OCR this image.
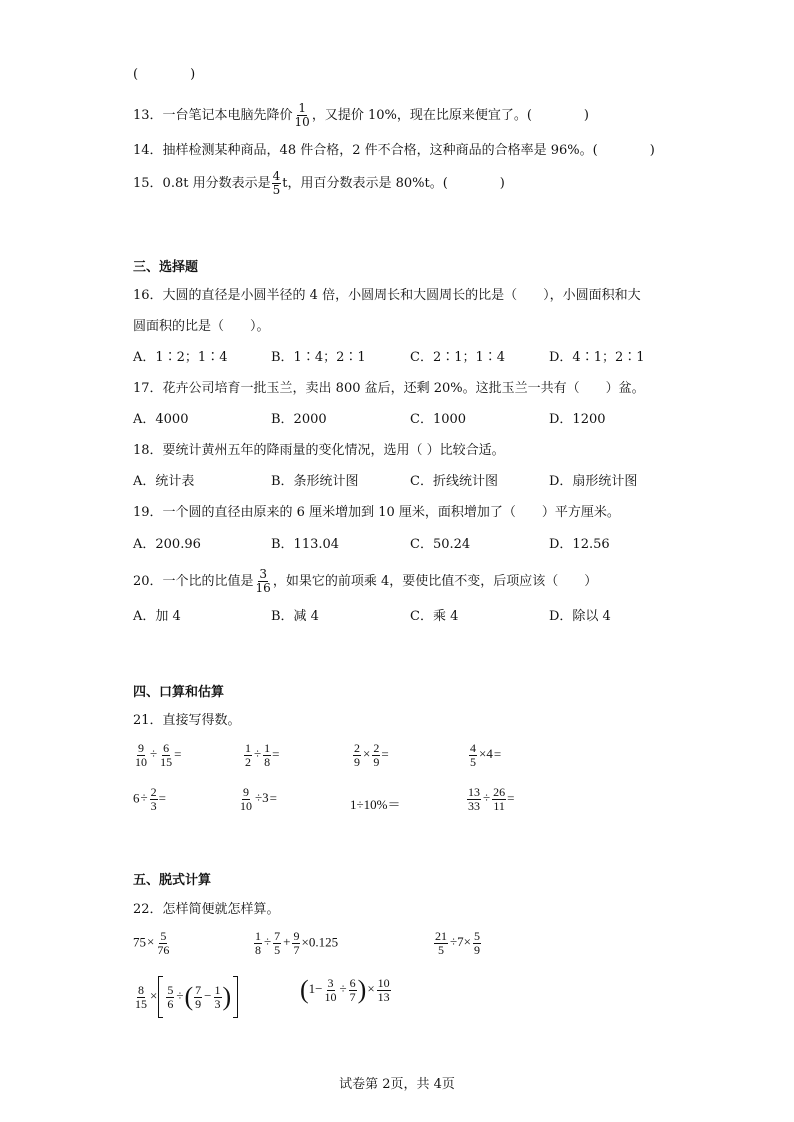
(　　　　)
13．一台笔记本电脑先降价 $\frac{1}{10}$ ，又提价 10%，现在比原来便宜了。(　　　　)
14．抽样检测某种商品，48 件合格，2 件不合格，这种商品的合格率是 96%。(　　　　)
15．0.8t 用分数表示是 $\frac{4}{5}$ t，用百分数表示是 80%t。(　　　　)
三、选择题
16．大圆的直径是小圆半径的 4 倍，小圆周长和大圆周长的比是（　　），小圆面积和大
圆面积的比是（　　）。
A．1∶2；1∶4	B．1∶4；2∶1	C．2∶1；1∶4	D．4∶1；2∶1
17．花卉公司培育一批玉兰，卖出 800 盆后，还剩 20%。这批玉兰一共有（　　）盆。
A．4000	B．2000	C．1000	D．1200
18．要统计黄州五年的降雨量的变化情况，选用（ ）比较合适。
A．统计表	B．条形统计图	C．折线统计图	D．扇形统计图
19．一个圆的直径由原来的 6 厘米增加到 10 厘米，面积增加了（　　）平方厘米。
A．200.96	B．113.04	C．50.24	D．12.56
20．一个比的比值是 $\frac{3}{16}$ ，如果它的前项乘 4，要使比值不变，后项应该（　　）
A．加 4	B．减 4	C．乘 4	D．除以 4
四、口算和估算
21．直接写得数。
$\frac{9}{10} \div \frac{6}{15}$ =	$\frac{1}{2} \div \frac{1}{8}$ =	$\frac{2}{9} \times \frac{2}{9}$ =	$\frac{4}{5} \times 4=$
$6\div \frac{2}{3}$ =	$\frac{9}{10} \div 3=$	1÷10%＝	$\frac{13}{33} \div \frac{26}{11}$ =
五、脱式计算
22．怎样简便就怎样算。
$75\times \frac{5}{76}$	$\frac{1}{8} \div \frac{7}{5} + \frac{9}{7} \times 0.125$	$\frac{21}{5} \div 7\times \frac{5}{9}$
$\frac{8}{15} \times \frac{5}{6}$ ÷( $\frac{7}{9} - \frac{1}{3}$ )	($1- \frac{3}{10} \div \frac{6}{7}$ )× $\frac{10}{13}$
试卷第 2页，共 4页
